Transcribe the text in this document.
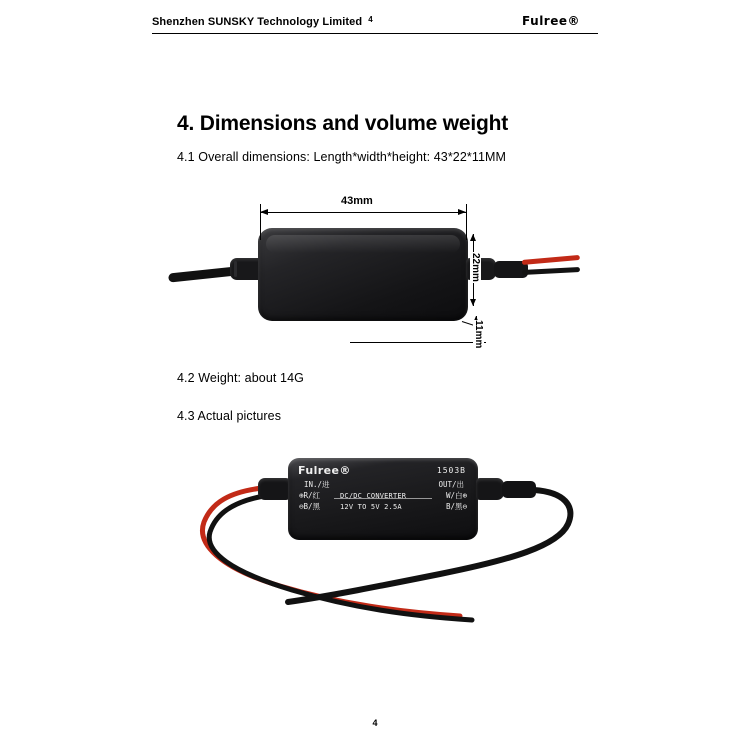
Shenzhen SUNSKY Technology Limited 4	Fulree®
4. Dimensions and volume weight
4.1 Overall dimensions: Length*width*height: 43*22*11MM
4.2 Weight: about 14G
4.3 Actual pictures
43mm
22mm
11mm
Fulree®	1503B
IN./进	OUT/出
⊕R/红
⊖B/黑
W/白⊕
B/黑⊖
DC/DC CONVERTER
12V TO 5V 2.5A
4
